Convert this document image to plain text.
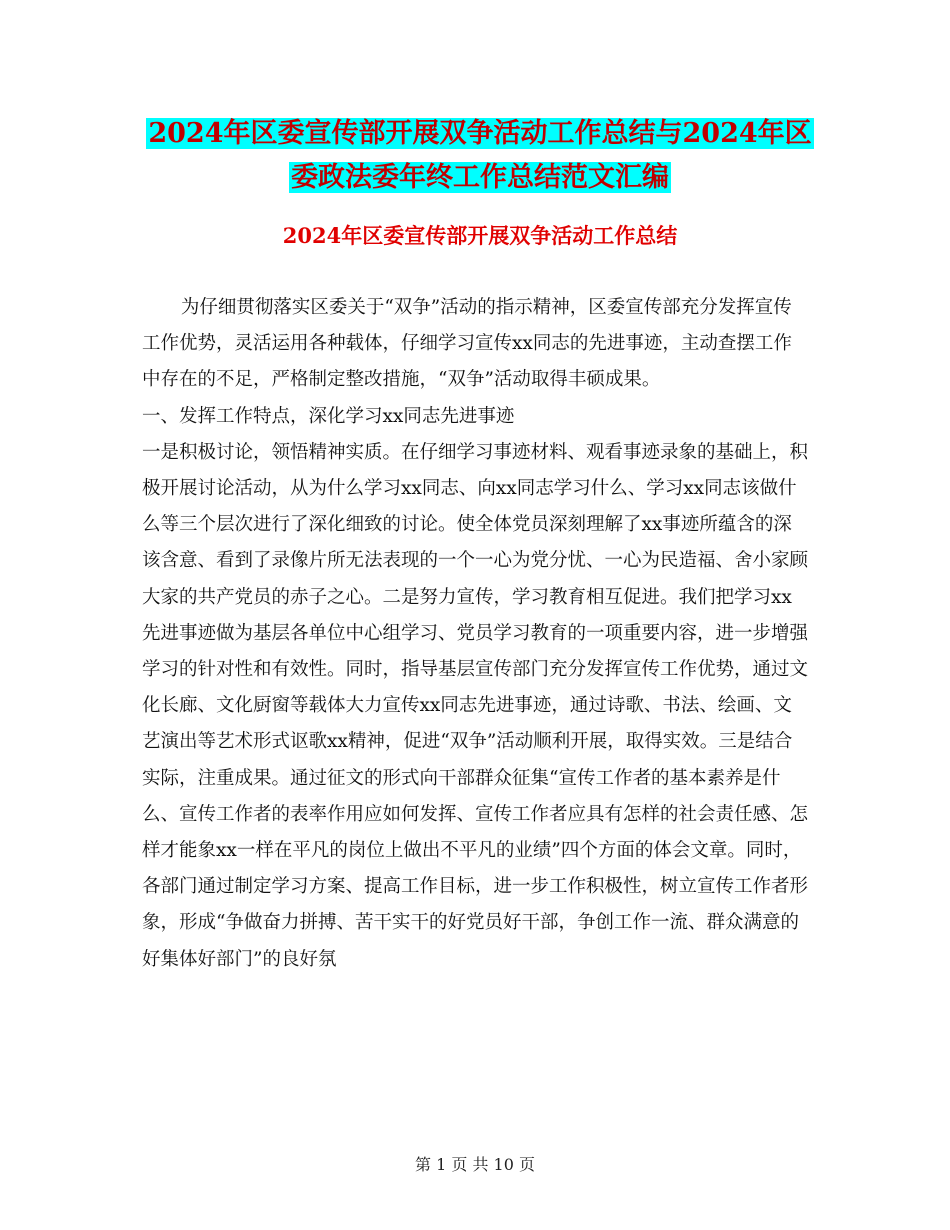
2024年区委宣传部开展双争活动工作总结与2024年区
委政法委年终工作总结范文汇编
2024年区委宣传部开展双争活动工作总结

为仔细贯彻落实区委关于“双争”活动的指示精神，区委宣传部充分发挥宣传工作优势，灵活运用各种载体，仔细学习宣传xx同志的先进事迹，主动查摆工作中存在的不足，严格制定整改措施，“双争”活动取得丰硕成果。

一、发挥工作特点，深化学习xx同志先进事迹

一是积极讨论，领悟精神实质。在仔细学习事迹材料、观看事迹录象的基础上，积极开展讨论活动，从为什么学习xx同志、向xx同志学习什么、学习xx同志该做什么等三个层次进行了深化细致的讨论。使全体党员深刻理解了xx事迹所蕴含的深该含意、看到了录像片所无法表现的一个一心为党分忧、一心为民造福、舍小家顾大家的共产党员的赤子之心。二是努力宣传，学习教育相互促进。我们把学习xx先进事迹做为基层各单位中心组学习、党员学习教育的一项重要内容，进一步增强学习的针对性和有效性。同时，指导基层宣传部门充分发挥宣传工作优势，通过文化长廊、文化厨窗等载体大力宣传xx同志先进事迹，通过诗歌、书法、绘画、文艺演出等艺术形式讴歌xx精神，促进“双争”活动顺利开展，取得实效。三是结合实际，注重成果。通过征文的形式向干部群众征集“宣传工作者的基本素养是什么、宣传工作者的表率作用应如何发挥、宣传工作者应具有怎样的社会责任感、怎样才能象xx一样在平凡的岗位上做出不平凡的业绩”四个方面的体会文章。同时，各部门通过制定学习方案、提高工作目标，进一步工作积极性，树立宣传工作者形象，形成“争做奋力拼搏、苦干实干的好党员好干部，争创工作一流、群众满意的好集体好部门”的良好氛

第 1 页 共 10 页
